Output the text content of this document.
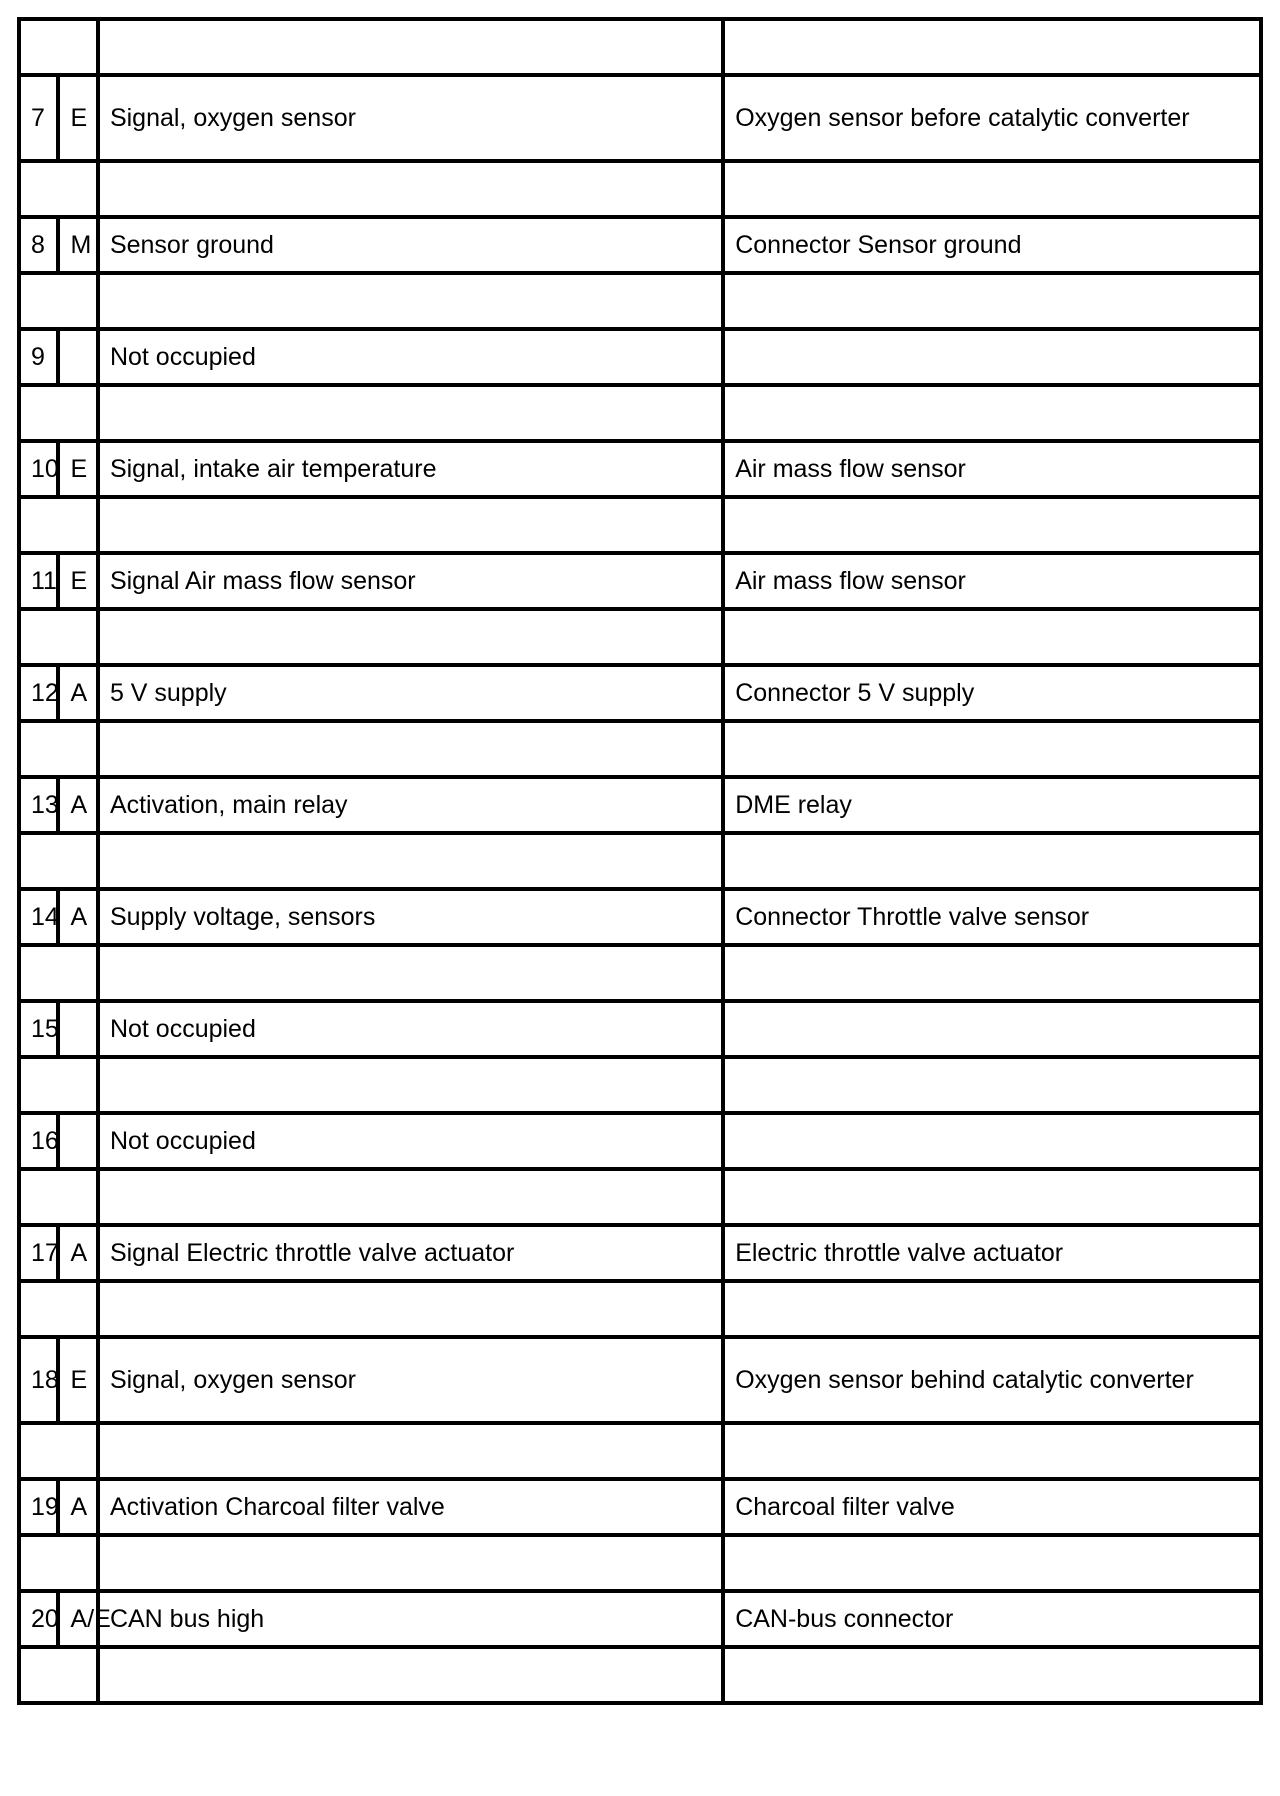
7	E	Signal, oxygen sensor	Oxygen sensor before catalytic converter

8	M	Sensor ground	Connector Sensor ground

9		Not occupied	

10	E	Signal, intake air temperature	Air mass flow sensor

11	E	Signal Air mass flow sensor	Air mass flow sensor

12	A	5 V supply	Connector 5 V supply

13	A	Activation, main relay	DME relay

14	A	Supply voltage, sensors	Connector Throttle valve sensor

15		Not occupied	

16		Not occupied	

17	A	Signal Electric throttle valve actuator	Electric throttle valve actuator

18	E	Signal, oxygen sensor	Oxygen sensor behind catalytic converter

19	A	Activation Charcoal filter valve	Charcoal filter valve

20	A/E	CAN bus high	CAN-bus connector
